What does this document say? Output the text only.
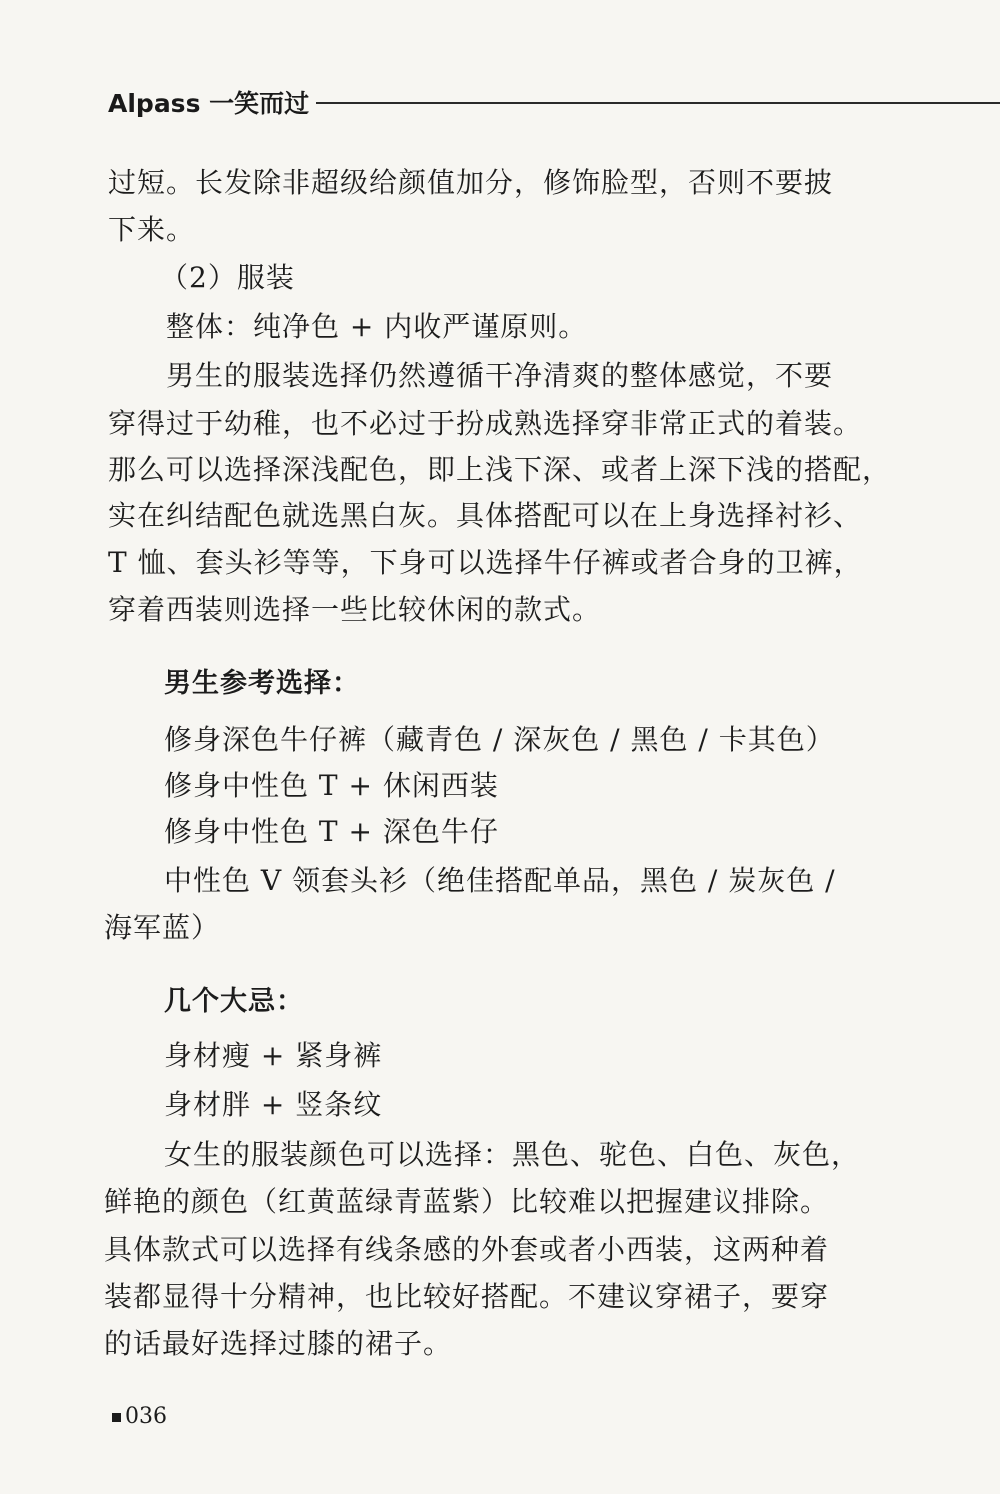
Alpass 一笑而过
过短。长发除非超级给颜值加分，修饰脸型，否则不要披
下来。
（2）服装
整体：纯净色 + 内收严谨原则。
男生的服装选择仍然遵循干净清爽的整体感觉，不要
穿得过于幼稚，也不必过于扮成熟选择穿非常正式的着装。
那么可以选择深浅配色，即上浅下深、或者上深下浅的搭配，
实在纠结配色就选黑白灰。具体搭配可以在上身选择衬衫、
T 恤、套头衫等等，下身可以选择牛仔裤或者合身的卫裤，
穿着西装则选择一些比较休闲的款式。
男生参考选择：
修身深色牛仔裤（藏青色 / 深灰色 / 黑色 / 卡其色）
修身中性色 T + 休闲西装
修身中性色 T + 深色牛仔
中性色 V 领套头衫（绝佳搭配单品，黑色 / 炭灰色 /
海军蓝）
几个大忌：
身材瘦 + 紧身裤
身材胖 + 竖条纹
女生的服装颜色可以选择：黑色、驼色、白色、灰色，
鲜艳的颜色（红黄蓝绿青蓝紫）比较难以把握建议排除。
具体款式可以选择有线条感的外套或者小西装，这两种着
装都显得十分精神，也比较好搭配。不建议穿裙子，要穿
的话最好选择过膝的裙子。
036
